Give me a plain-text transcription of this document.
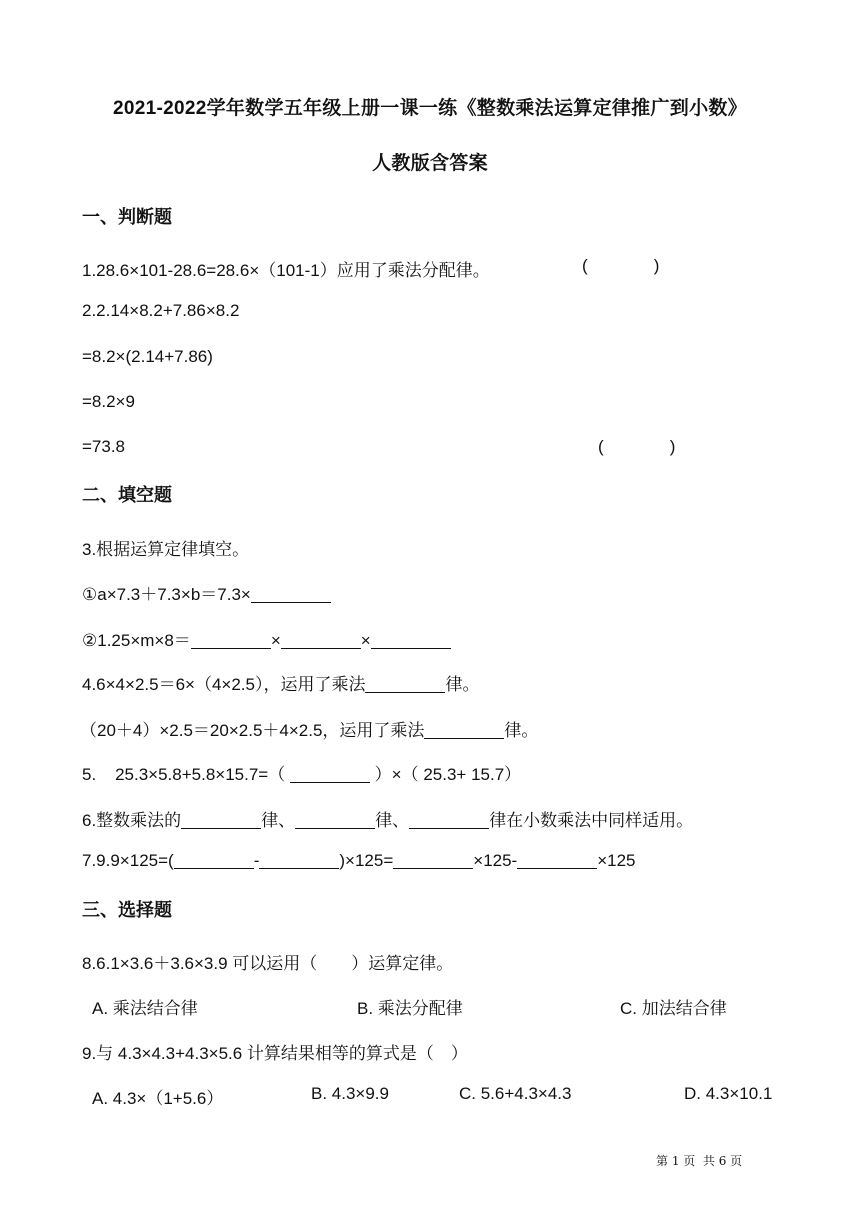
2021-2022学年数学五年级上册一课一练《整数乘法运算定律推广到小数》
人教版含答案
一、判断题
1.28.6×101-28.6=28.6×（101-1）应用了乘法分配律。	(              )
2.2.14×8.2+7.86×8.2
=8.2×(2.14+7.86)
=8.2×9
=73.8	(              )
二、填空题
3.根据运算定律填空。
①a×7.3＋7.3×b＝7.3×
②1.25×m×8＝	×	×
4.6×4×2.5＝6×（4×2.5），运用了乘法	律。
（20＋4）×2.5＝20×2.5＋4×2.5，运用了乘法	律。
5.    25.3×5.8+5.8×15.7=（	）×（ 25.3+ 15.7）
6.整数乘法的	律、	律、	律在小数乘法中同样适用。
7.9.9×125=(	-	)×125=	×125-	×125
三、选择题
8.6.1×3.6＋3.6×3.9 可以运用（　　）运算定律。
A. 乘法结合律	B. 乘法分配律	C. 加法结合律
9.与 4.3×4.3+4.3×5.6 计算结果相等的算式是（　）
A. 4.3×（1+5.6）	B. 4.3×9.9	C. 5.6+4.3×4.3	D. 4.3×10.1
第 1 页  共 6 页
